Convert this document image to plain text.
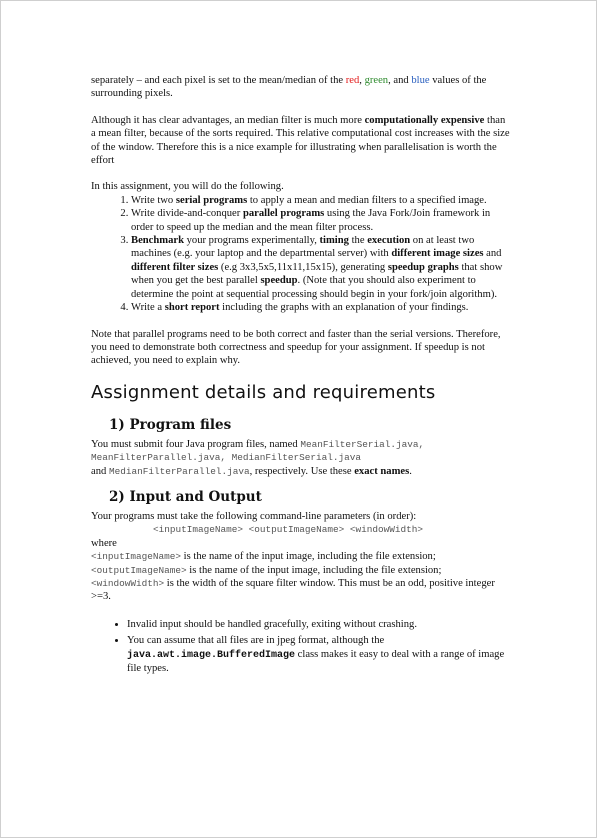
separately – and each pixel is set to the mean/median of the red, green, and blue values of the surrounding pixels.

Although it has clear advantages, an median filter is much more computationally expensive than a mean filter, because of the sorts required. This relative computational cost increases with the size of the window. Therefore this is a nice example for illustrating when parallelisation is worth the effort

In this assignment, you will do the following.

1. Write two serial programs to apply a mean and median filters to a specified image.
2. Write divide-and-conquer parallel programs using the Java Fork/Join framework in order to speed up the median and the mean filter process.
3. Benchmark your programs experimentally, timing the execution on at least two machines (e.g. your laptop and the departmental server) with different image sizes and different filter sizes (e.g 3x3,5x5,11x11,15x15), generating speedup graphs that show when you get the best parallel speedup. (Note that you should also experiment to determine the point at sequential processing should begin in your fork/join algorithm).
4. Write a short report including the graphs with an explanation of your findings.

Note that parallel programs need to be both correct and faster than the serial versions. Therefore, you need to demonstrate both correctness and speedup for your assignment. If speedup is not achieved, you need to explain why.

Assignment details and requirements
1) Program files

You must submit four Java program files, named MeanFilterSerial.java,
MeanFilterParallel.java, MedianFilterSerial.java
and MedianFilterParallel.java, respectively. Use these exact names.

2) Input and Output

Your programs must take the following command-line parameters (in order):

<inputImageName> <outputImageName> <windowWidth>

where

<inputImageName> is the name of the input image, including the file extension;

<outputImageName> is the name of the input image, including the file extension;

<windowWidth> is the width of the square filter window. This must be an odd, positive integer >=3.

• Invalid input should be handled gracefully, exiting without crashing.
• You can assume that all files are in jpeg format, although the
java.awt.image.BufferedImage class makes it easy to deal with a range of image file types.
